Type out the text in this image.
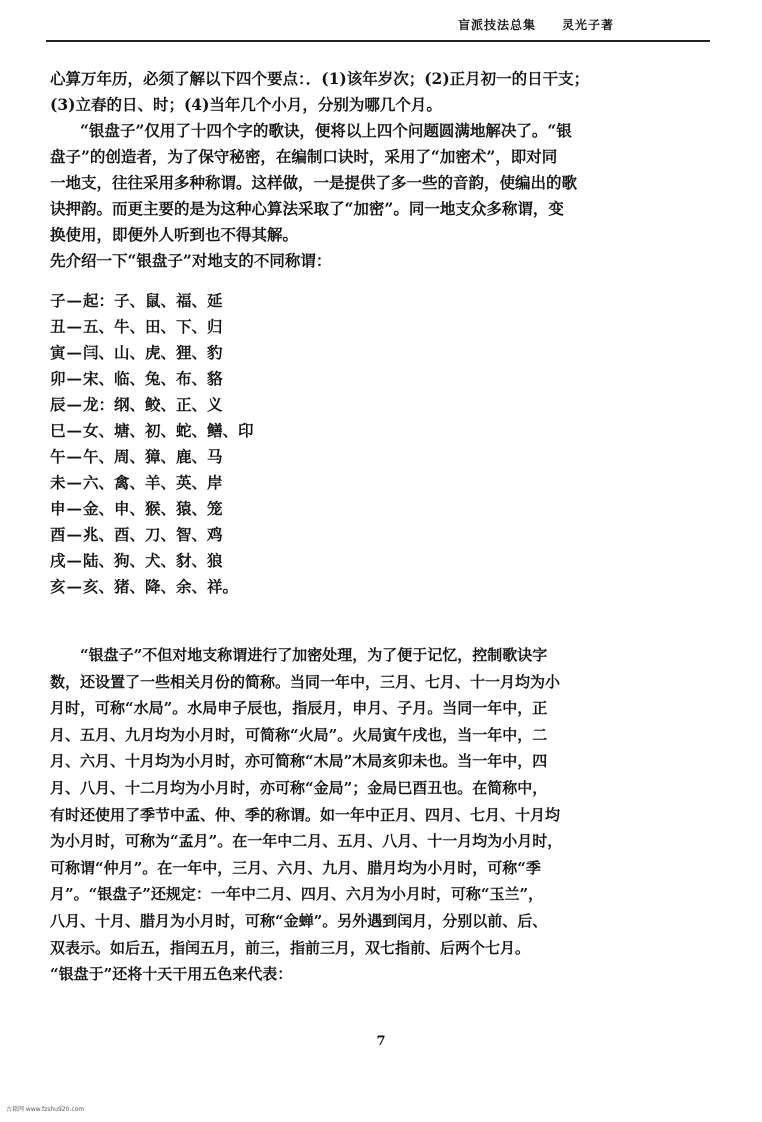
盲派技法总集 灵光子著
心算万年历，必须了解以下四个要点：．(1)该年岁次；(2)正月初一的日干支；
(3)立春的日、时；(4)当年几个小月，分别为哪几个月。
“银盘子”仅用了十四个字的歌诀，便将以上四个问题圆满地解决了。“银
盘子”的创造者，为了保守秘密，在编制口诀时，采用了“加密术”，即对同
一地支，往往采用多种称谓。这样做，一是提供了多一些的音韵，使编出的歌
诀押韵。而更主要的是为这种心算法采取了“加密”。同一地支众多称谓，变
换使用，即便外人听到也不得其解。
先介绍一下“银盘子”对地支的不同称谓：
子—起：子、鼠、福、延
丑—五、牛、田、下、归
寅—闫、山、虎、狸、豹
卯—宋、临、兔、布、貉
辰—龙：纲、鲛、正、义
巳—女、塘、初、蛇、鳝、印
午—午、周、獐、鹿、马
未—六、禽、羊、英、岸
申—金、申、猴、猿、笼
酉—兆、酉、刀、智、鸡
戌—陆、狗、犬、豺、狼
亥—亥、猪、降、余、祥。
“银盘子”不但对地支称谓进行了加密处理，为了便于记忆，控制歌诀字
数，还设置了一些相关月份的简称。当同一年中，三月、七月、十一月均为小
月时，可称“水局”。水局申子辰也，指辰月，申月、子月。当同一年中，正
月、五月、九月均为小月时，可简称“火局”。火局寅午戌也，当一年中，二
月、六月、十月均为小月时，亦可简称“木局”木局亥卯未也。当一年中，四
月、八月、十二月均为小月时，亦可称“金局”；金局巳酉丑也。在简称中，
有时还使用了季节中孟、仲、季的称谓。如一年中正月、四月、七月、十月均
为小月时，可称为“孟月”。在一年中二月、五月、八月、十一月均为小月时，
可称谓“仲月”。在一年中，三月、六月、九月、腊月均为小月时，可称“季
月”。“银盘子”还规定：一年中二月、四月、六月为小月时，可称“玉兰”，
八月、十月、腊月为小月时，可称“金蝉”。另外遇到闰月，分别以前、后、
双表示。如后五，指闰五月，前三，指前三月，双七指前、后两个七月。
“银盘于”还将十天干用五色来代表：
7
古籍网 www.fzshu920.com
